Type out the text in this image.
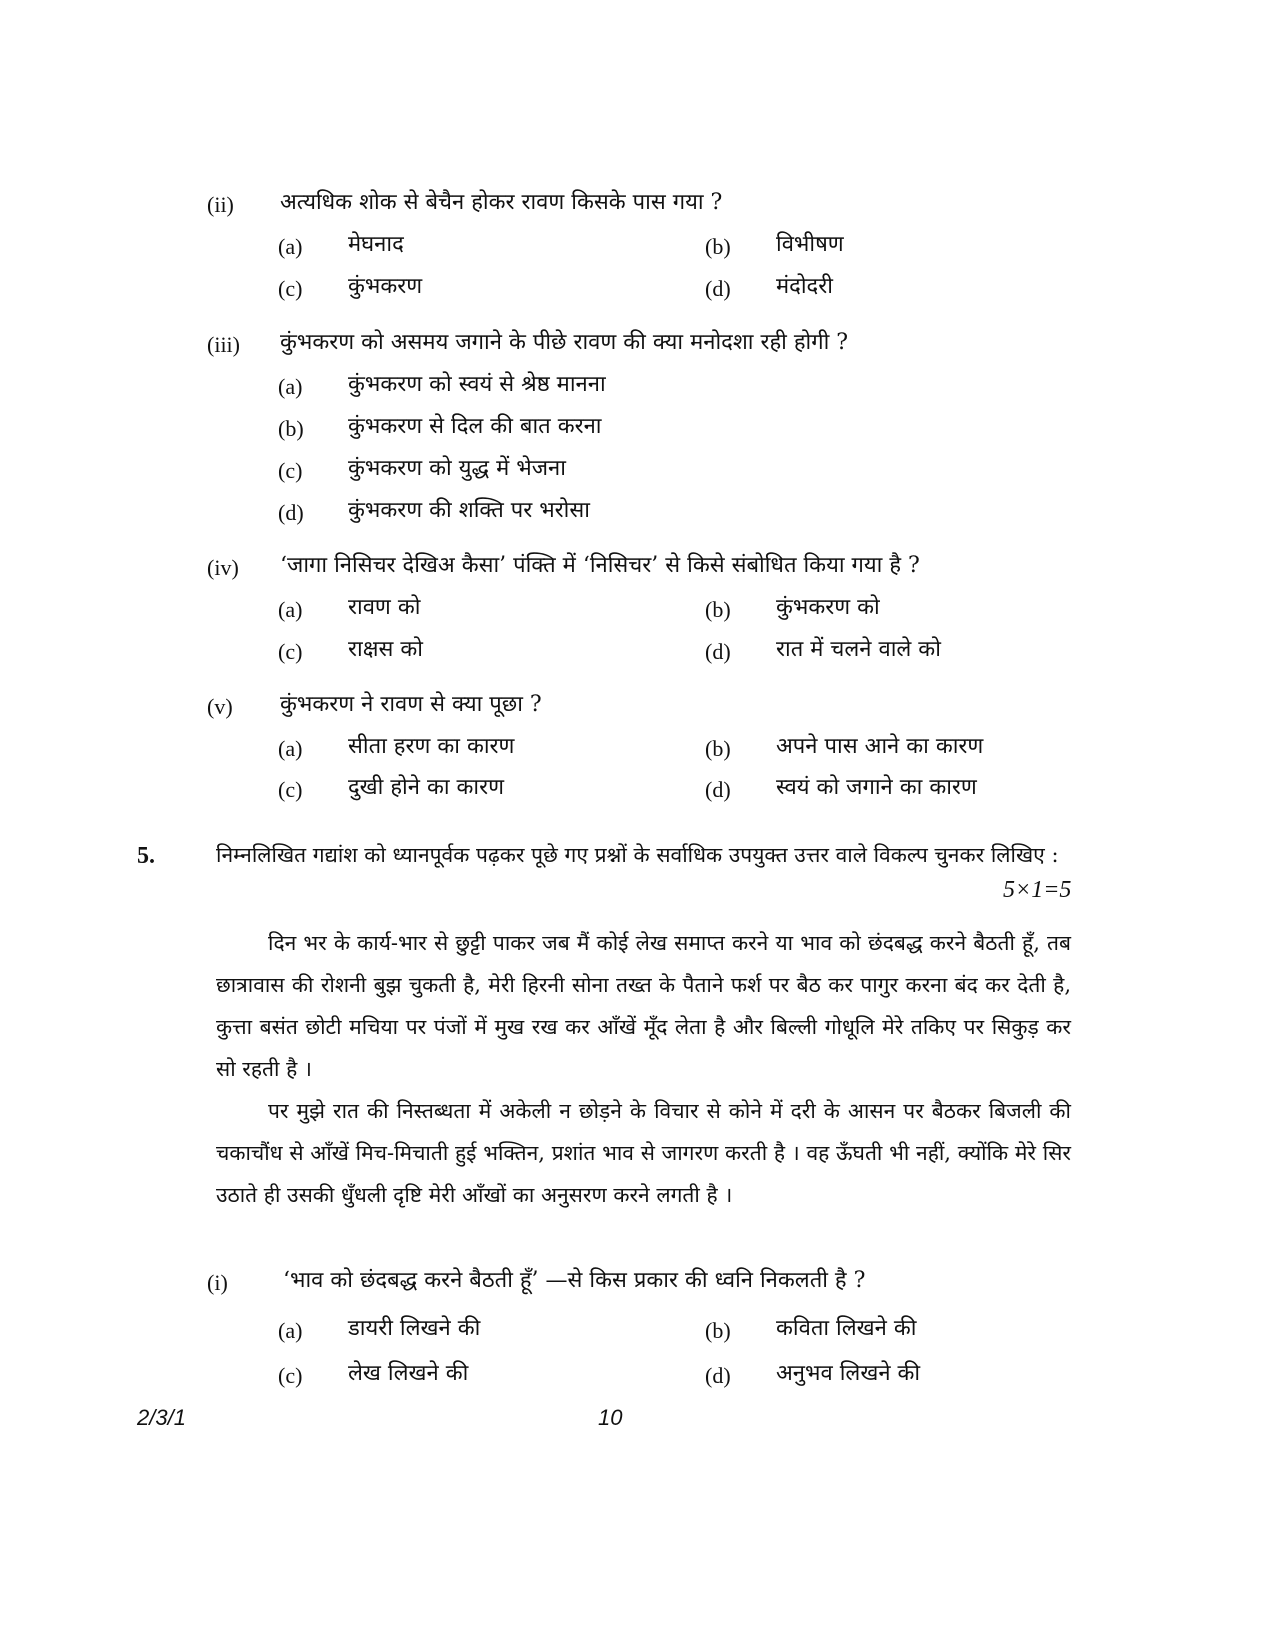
(ii) अत्यधिक शोक से बेचैन होकर रावण किसके पास गया ?
(a) मेघनाद	(b) विभीषण
(c) कुंभकरण	(d) मंदोदरी
(iii) कुंभकरण को असमय जगाने के पीछे रावण की क्या मनोदशा रही होगी ?
(a) कुंभकरण को स्वयं से श्रेष्ठ मानना
(b) कुंभकरण से दिल की बात करना
(c) कुंभकरण को युद्ध में भेजना
(d) कुंभकरण की शक्ति पर भरोसा
(iv) ‘जागा निसिचर देखिअ कैसा’ पंक्ति में ‘निसिचर’ से किसे संबोधित किया गया है ?
(a) रावण को	(b) कुंभकरण को
(c) राक्षस को	(d) रात में चलने वाले को
(v) कुंभकरण ने रावण से क्या पूछा ?
(a) सीता हरण का कारण	(b) अपने पास आने का कारण
(c) दुखी होने का कारण	(d) स्वयं को जगाने का कारण
5.	निम्नलिखित गद्यांश को ध्यानपूर्वक पढ़कर पूछे गए प्रश्नों के सर्वाधिक उपयुक्त उत्तर वाले विकल्प चुनकर लिखिए :
5×1=5
दिन भर के कार्य-भार से छुट्टी पाकर जब मैं कोई लेख समाप्त करने या भाव को छंदबद्ध करने बैठती हूँ, तब छात्रावास की रोशनी बुझ चुकती है, मेरी हिरनी सोना तख्त के पैताने फर्श पर बैठ कर पागुर करना बंद कर देती है, कुत्ता बसंत छोटी मचिया पर पंजों में मुख रख कर आँखें मूँद लेता है और बिल्ली गोधूलि मेरे तकिए पर सिकुड़ कर सो रहती है ।
पर मुझे रात की निस्तब्धता में अकेली न छोड़ने के विचार से कोने में दरी के आसन पर बैठकर बिजली की चकाचौंध से आँखें मिच-मिचाती हुई भक्तिन, प्रशांत भाव से जागरण करती है । वह ऊँघती भी नहीं, क्योंकि मेरे सिर उठाते ही उसकी धुँधली दृष्टि मेरी आँखों का अनुसरण करने लगती है ।
(i)	‘भाव को छंदबद्ध करने बैठती हूँ’ —से किस प्रकार की ध्वनि निकलती है ?
(a) डायरी लिखने की	(b) कविता लिखने की
(c) लेख लिखने की	(d) अनुभव लिखने की
2/3/1	10
